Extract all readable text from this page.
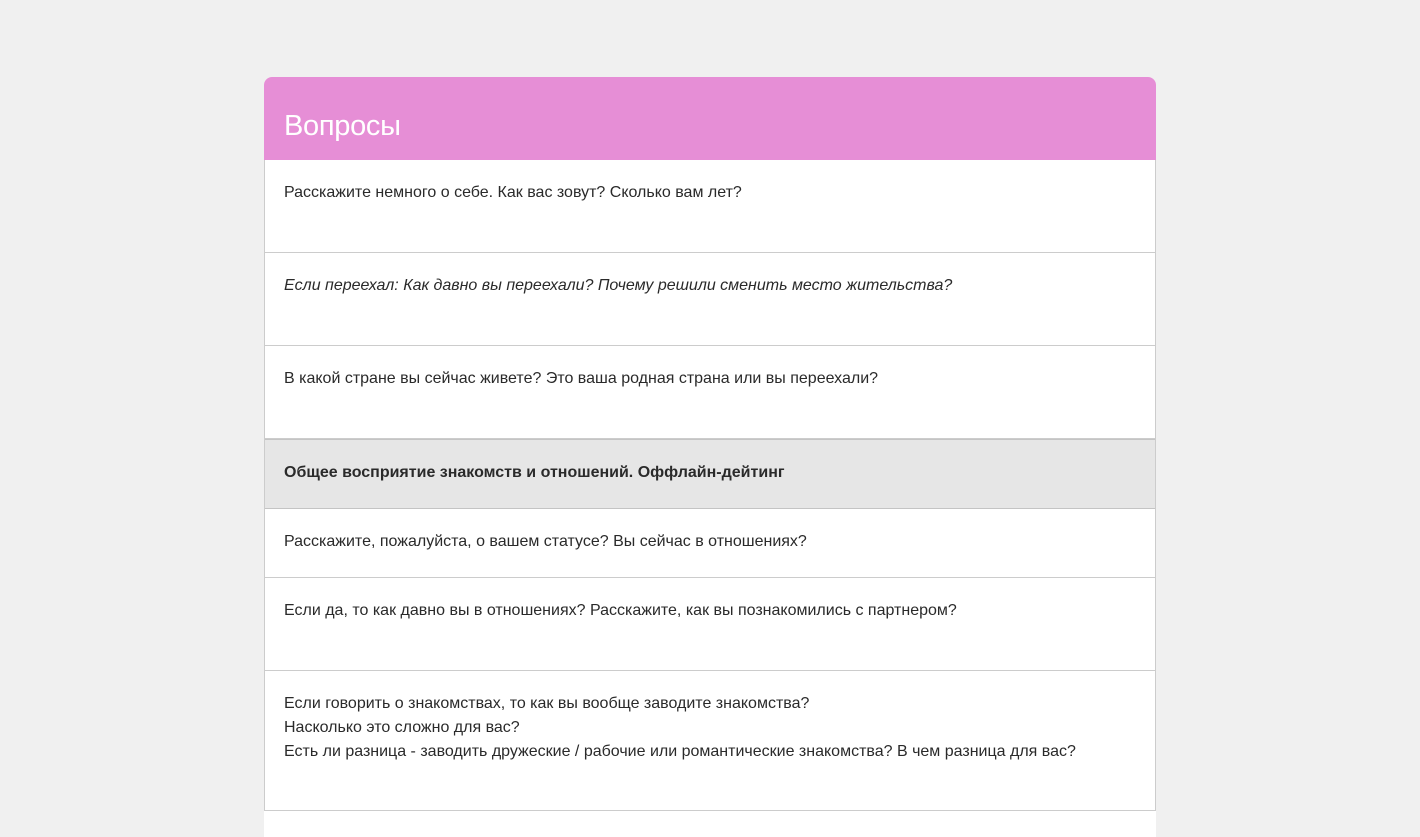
Вопросы
Расскажите немного о себе. Как вас зовут? Сколько вам лет?
Если переехал: Как давно вы переехали? Почему решили сменить место жительства?
В какой стране вы сейчас живете? Это ваша родная страна или вы переехали?
Общее восприятие знакомств и отношений. Оффлайн-дейтинг
Расскажите, пожалуйста, о вашем статусе? Вы сейчас в отношениях?
Если да, то как давно вы в отношениях? Расскажите, как вы познакомились с партнером?
Если говорить о знакомствах, то как вы вообще заводите знакомства?
Насколько это сложно для вас?
Есть ли разница - заводить дружеские / рабочие или романтические знакомства? В чем разница для вас?
